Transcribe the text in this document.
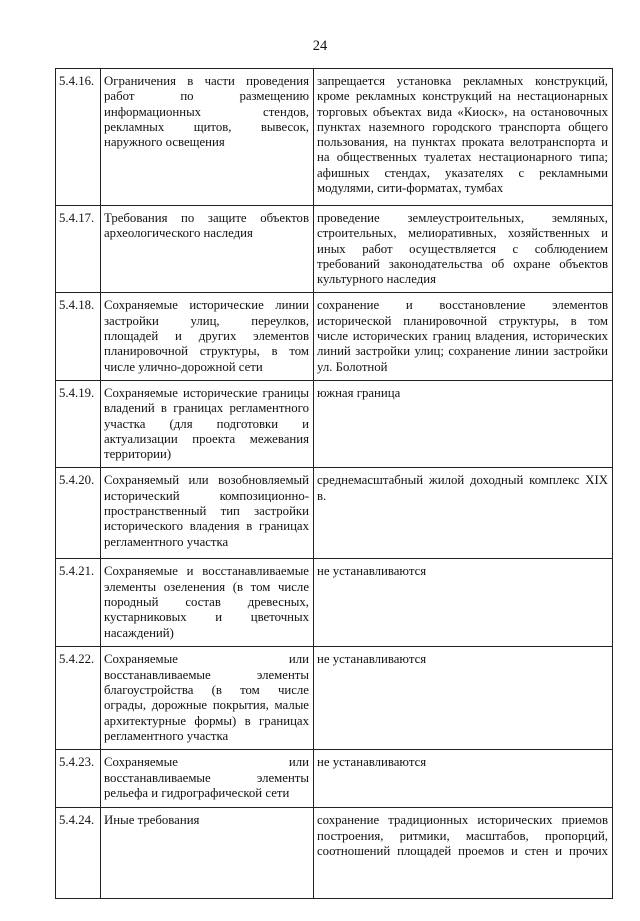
24
5.4.16.	Ограничения в части проведения работ по размещению информационных стендов, рекламных щитов, вывесок, наружного освещения	запрещается установка рекламных конструкций, кроме рекламных конструкций на нестационарных торговых объектах вида «Киоск», на остановочных пунктах наземного городского транспорта общего пользования, на пунктах проката велотранспорта и на общественных туалетах нестационарного типа; афишных стендах, указателях с рекламными модулями, сити-форматах, тумбах
5.4.17.	Требования по защите объектов археологического наследия	проведение землеустроительных, земляных, строительных, мелиоративных, хозяйственных и иных работ осуществляется с соблюдением требований законодательства об охране объектов культурного наследия
5.4.18.	Сохраняемые исторические линии застройки улиц, переулков, площадей и других элементов планировочной структуры, в том числе улично-дорожной сети	сохранение и восстановление элементов исторической планировочной структуры, в том числе исторических границ владения, исторических линий застройки улиц; сохранение линии застройки ул. Болотной
5.4.19.	Сохраняемые исторические границы владений в границах регламентного участка (для подготовки и актуализации проекта межевания территории)	южная граница
5.4.20.	Сохраняемый или возобновляемый исторический композиционно-пространственный тип застройки исторического владения в границах регламентного участка	среднемасштабный жилой доходный комплекс XIX в.
5.4.21.	Сохраняемые и восстанавливаемые элементы озеленения (в том числе породный состав древесных, кустарниковых и цветочных насаждений)	не устанавливаются
5.4.22.	Сохраняемые или восстанавливаемые элементы благоустройства (в том числе ограды, дорожные покрытия, малые архитектурные формы) в границах регламентного участка	не устанавливаются
5.4.23.	Сохраняемые или восстанавливаемые элементы рельефа и гидрографической сети	не устанавливаются
5.4.24.	Иные требования	сохранение традиционных исторических приемов построения, ритмики, масштабов, пропорций, соотношений площадей проемов и стен и прочих
